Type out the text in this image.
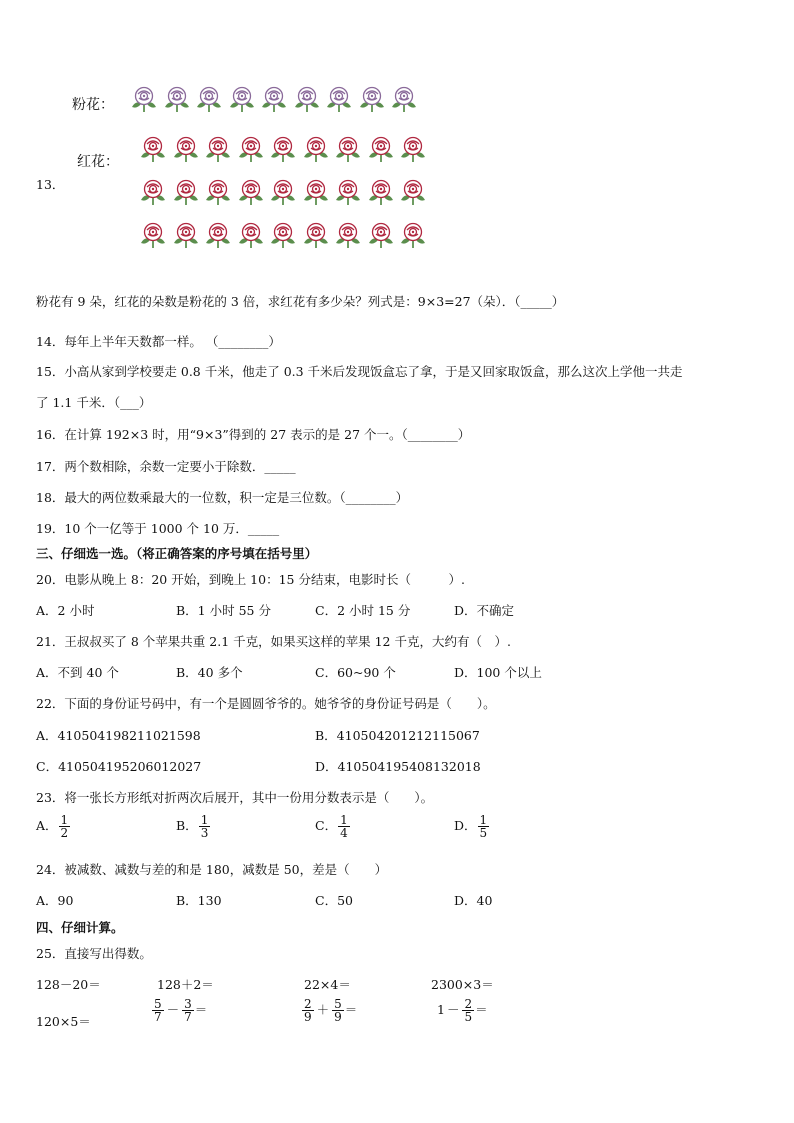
粉花：
红花：
13．
粉花有 9 朵，红花的朵数是粉花的 3 倍，求红花有多少朵？列式是：9×3=27（朵）．（_____）
14．每年上半年天数都一样。 （________）
15．小高从家到学校要走 0.8 千米，他走了 0.3 千米后发现饭盒忘了拿，于是又回家取饭盒，那么这次上学他一共走
了 1.1 千米．（___）
16．在计算 192×3 时，用“9×3”得到的 27 表示的是 27 个一。（________）
17．两个数相除，余数一定要小于除数．_____
18．最大的两位数乘最大的一位数，积一定是三位数。（________）
19．10 个一亿等于 1000 个 10 万．_____
三、仔细选一选。（将正确答案的序号填在括号里）
20．电影从晚上 8：20 开始，到晚上 10：15 分结束，电影时长（　　　）.
A．2 小时	B．1 小时 55 分	C．2 小时 15 分	D．不确定
21．王叔叔买了 8 个苹果共重 2.1 千克，如果买这样的苹果 12 千克，大约有（　）.
A．不到 40 个	B．40 多个	C．60~90 个	D．100 个以上
22．下面的身份证号码中，有一个是圆圆爷爷的。她爷爷的身份证号码是（　　）。
A．410504198211021598	B．410504201212115067
C．410504195206012027	D．410504195408132018
23．将一张长方形纸对折两次后展开，其中一份用分数表示是（　　）。
A． $\frac{1}{2}$	B． $\frac{1}{3}$	C． $\frac{1}{4}$	D． $\frac{1}{5}$
24．被减数、减数与差的和是 180，减数是 50，差是（　　）
A．90	B．130	C．50	D．40
四、仔细计算。
25．直接写出得数。
128－20＝	128＋2＝	22×4＝	2300×3＝
120×5＝	$\frac{5}{7} - \frac{3}{7}$ ＝	$\frac{2}{9} + \frac{5}{9}$ ＝	$1 - \frac{2}{5}$ ＝
